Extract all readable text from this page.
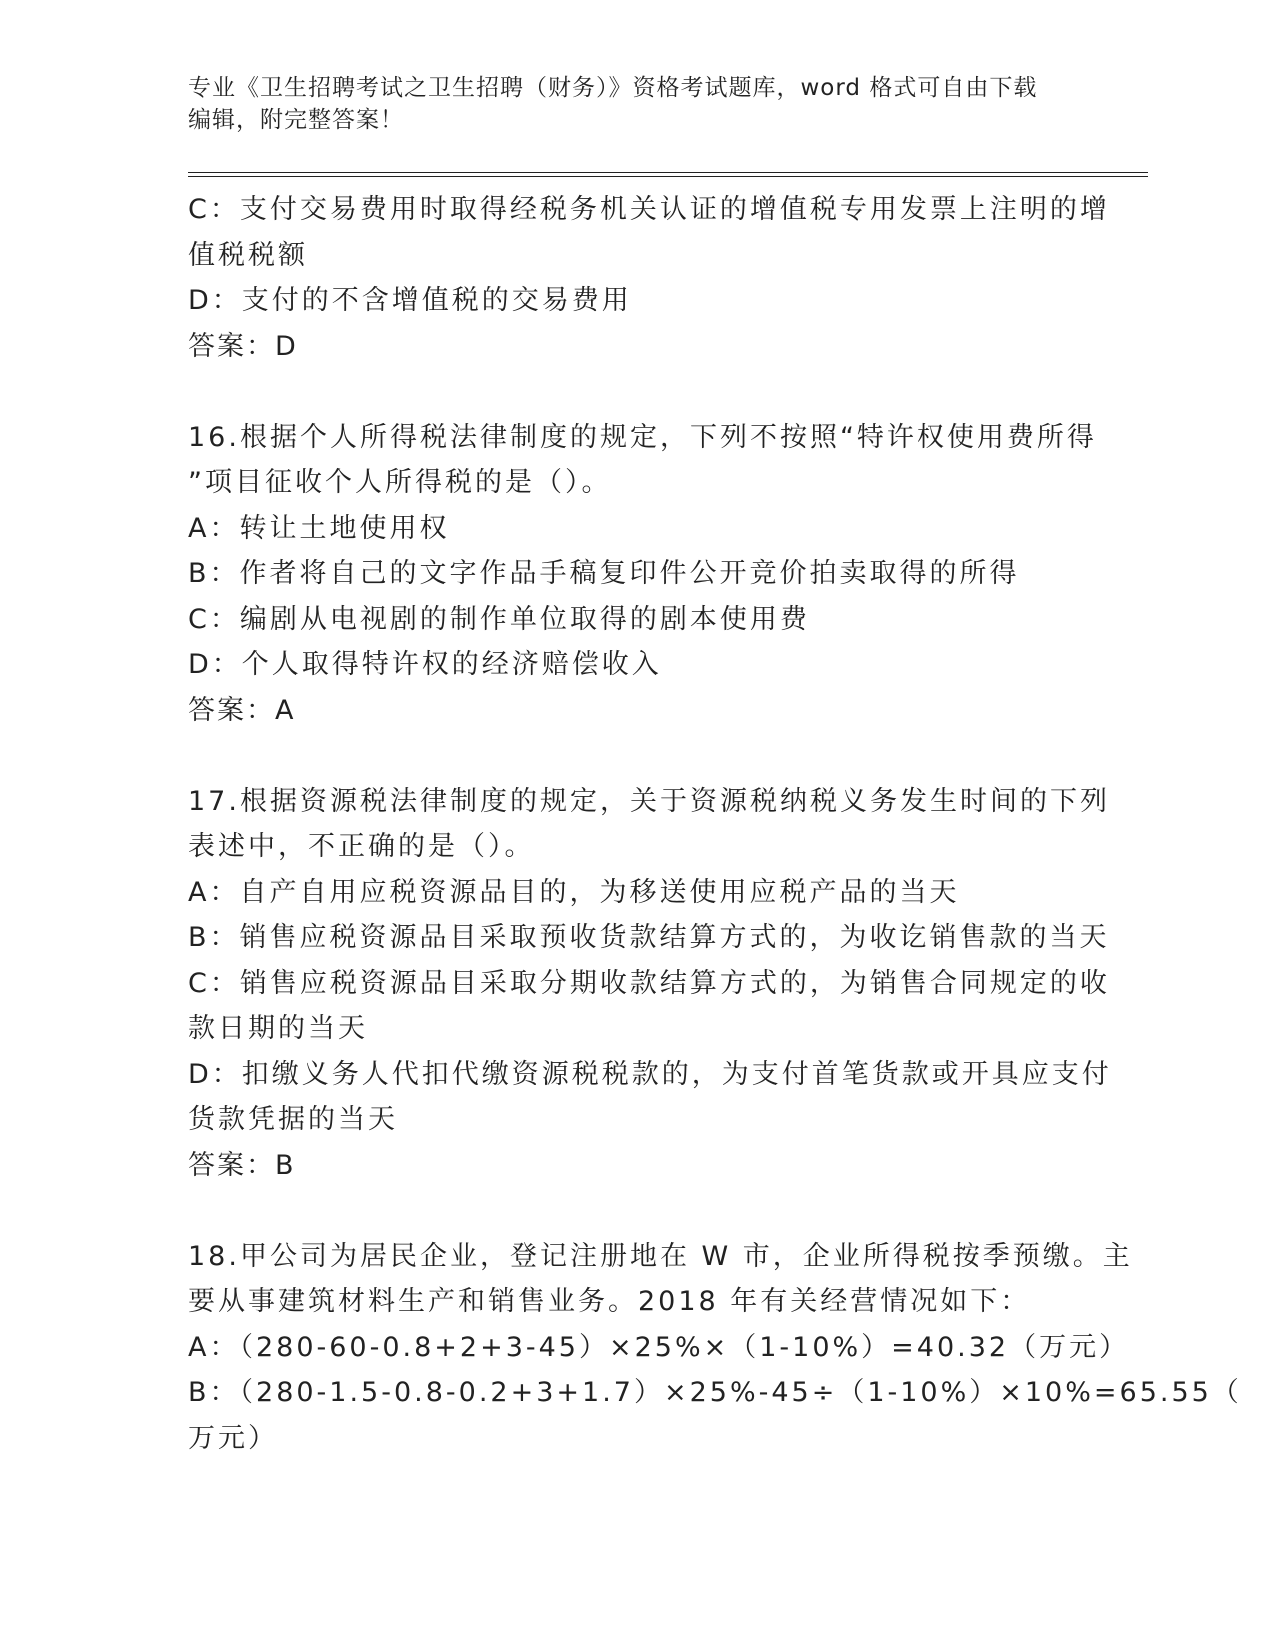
专业《卫生招聘考试之卫生招聘（财务）》资格考试题库，word 格式可自由下载
编辑，附完整答案！
C：支付交易费用时取得经税务机关认证的增值税专用发票上注明的增
值税税额
D：支付的不含增值税的交易费用
答案：D
16.根据个人所得税法律制度的规定，下列不按照“特许权使用费所得
”项目征收个人所得税的是（）。
A：转让土地使用权
B：作者将自己的文字作品手稿复印件公开竞价拍卖取得的所得
C：编剧从电视剧的制作单位取得的剧本使用费
D：个人取得特许权的经济赔偿收入
答案：A
17.根据资源税法律制度的规定，关于资源税纳税义务发生时间的下列
表述中，不正确的是（）。
A：自产自用应税资源品目的，为移送使用应税产品的当天
B：销售应税资源品目采取预收货款结算方式的，为收讫销售款的当天
C：销售应税资源品目采取分期收款结算方式的，为销售合同规定的收
款日期的当天
D：扣缴义务人代扣代缴资源税税款的，为支付首笔货款或开具应支付
货款凭据的当天
答案：B
18.甲公司为居民企业，登记注册地在 W 市，企业所得税按季预缴。主
要从事建筑材料生产和销售业务。2018 年有关经营情况如下：
A：（280-60-0.8+2+3-45）×25%×（1-10%）=40.32（万元）
B：（280-1.5-0.8-0.2+3+1.7）×25%-45÷（1-10%）×10%=65.55（
万元）
